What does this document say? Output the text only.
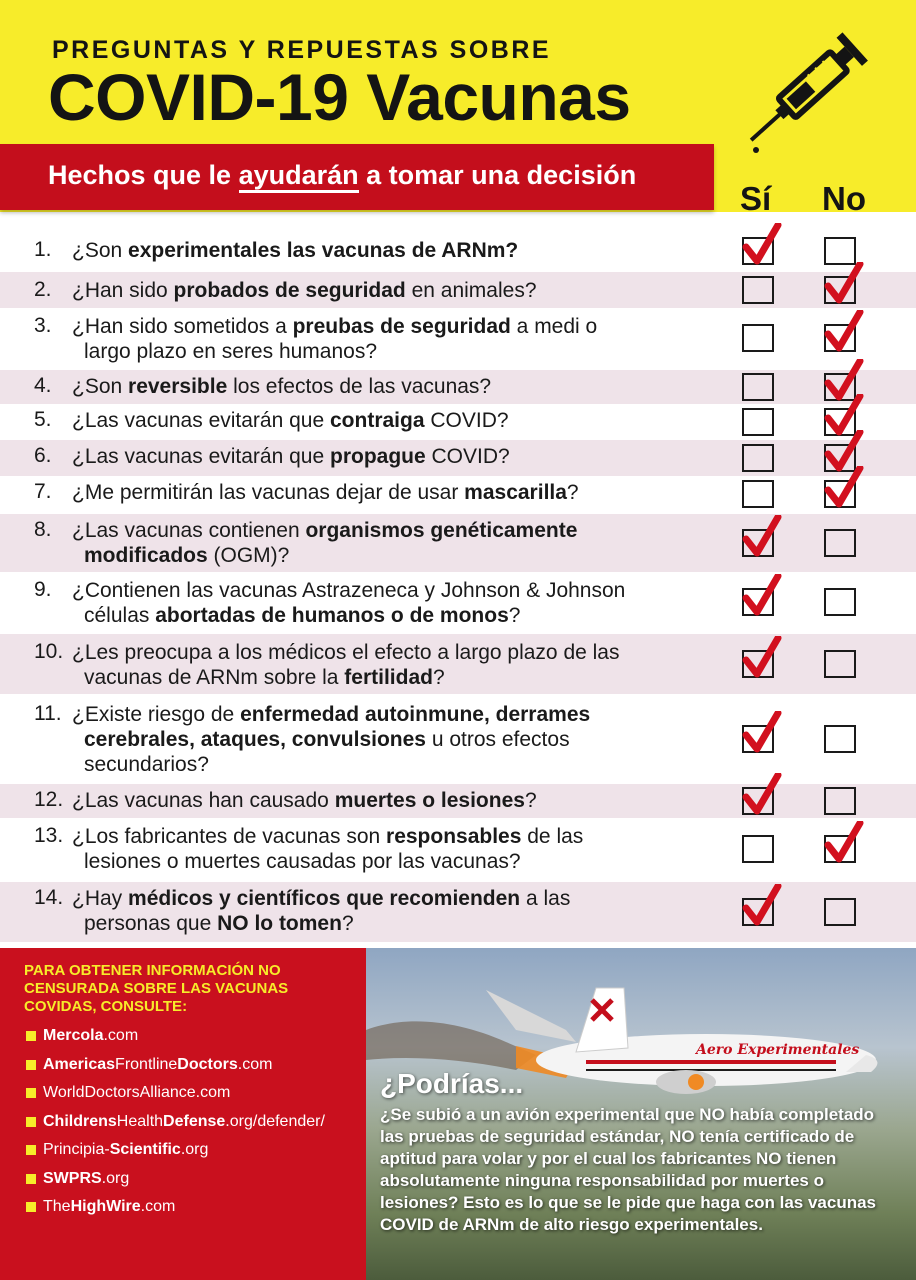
PREGUNTAS Y REPUESTAS SOBRE
COVID-19 Vacunas
Hechos que le ayudarán a tomar una decisión
Sí No
1. ¿Son experimentales las vacunas de ARNm?
2. ¿Han sido probados de seguridad en animales?
3. ¿Han sido sometidos a preubas de seguridad a medi o
largo plazo en seres humanos?
4. ¿Son reversible los efectos de las vacunas?
5. ¿Las vacunas evitarán que contraiga COVID?
6. ¿Las vacunas evitarán que propague COVID?
7. ¿Me permitirán las vacunas dejar de usar mascarilla?
8. ¿Las vacunas contienen organismos genéticamente
modificados (OGM)?
9. ¿Contienen las vacunas Astrazeneca y Johnson & Johnson
células abortadas de humanos o de monos?
10. ¿Les preocupa a los médicos el efecto a largo plazo de las
vacunas de ARNm sobre la fertilidad?
11. ¿Existe riesgo de enfermedad autoinmune, derrames
cerebrales, ataques, convulsiones u otros efectos
secundarios?
12. ¿Las vacunas han causado muertes o lesiones?
13. ¿Los fabricantes de vacunas son responsables de las
lesiones o muertes causadas por las vacunas?
14. ¿Hay médicos y científicos que recomienden a las
personas que NO lo tomen?
PARA OBTENER INFORMACIÓN NO CENSURADA SOBRE LAS VACUNAS COVIDAS, CONSULTE:
Mercola .com
Americas Frontline Doctors .com
WorldDoctorsAlliance.com
Childrens Health Defense .org/defender/
Principia- Scientific .org
SWPRS .org
The HighWire .com
Aero Experimentales
¿Podrías...
¿Se subió a un avión experimental que NO había completado las pruebas de seguridad estándar, NO tenía certificado de aptitud para volar y por el cual los fabricantes NO tienen absolutamente ninguna responsabilidad por muertes o lesiones? Esto es lo que se le pide que haga con las vacunas COVID de ARNm de alto riesgo experimentales.
